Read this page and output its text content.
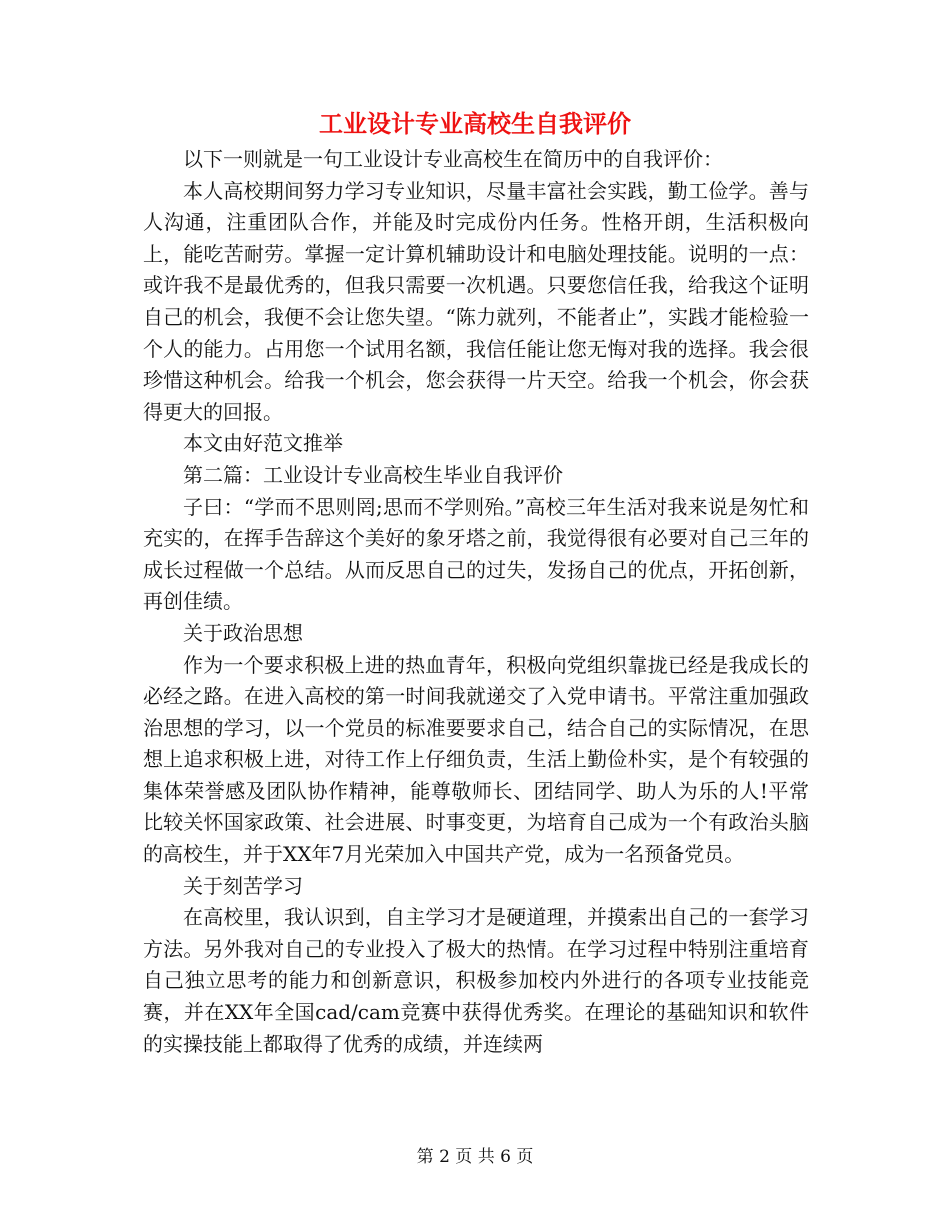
工业设计专业高校生自我评价

以下一则就是一句工业设计专业高校生在简历中的自我评价：

本人高校期间努力学习专业知识，尽量丰富社会实践，勤工俭学。善与人沟通，注重团队合作，并能及时完成份内任务。性格开朗，生活积极向上，能吃苦耐劳。掌握一定计算机辅助设计和电脑处理技能。说明的一点：或许我不是最优秀的，但我只需要一次机遇。只要您信任我，给我这个证明自己的机会，我便不会让您失望。“陈力就列，不能者止”，实践才能检验一个人的能力。占用您一个试用名额，我信任能让您无悔对我的选择。我会很珍惜这种机会。给我一个机会，您会获得一片天空。给我一个机会，你会获得更大的回报。

本文由好范文推举

第二篇：工业设计专业高校生毕业自我评价

子曰：“学而不思则罔;思而不学则殆。”高校三年生活对我来说是匆忙和充实的，在挥手告辞这个美好的象牙塔之前，我觉得很有必要对自己三年的成长过程做一个总结。从而反思自己的过失，发扬自己的优点，开拓创新，再创佳绩。

关于政治思想

作为一个要求积极上进的热血青年，积极向党组织靠拢已经是我成长的必经之路。在进入高校的第一时间我就递交了入党申请书。平常注重加强政治思想的学习，以一个党员的标准要要求自己，结合自己的实际情况，在思想上追求积极上进，对待工作上仔细负责，生活上勤俭朴实，是个有较强的集体荣誉感及团队协作精神，能尊敬师长、团结同学、助人为乐的人!平常比较关怀国家政策、社会进展、时事变更，为培育自己成为一个有政治头脑的高校生，并于XX年7月光荣加入中国共产党，成为一名预备党员。

关于刻苦学习

在高校里，我认识到，自主学习才是硬道理，并摸索出自己的一套学习方法。另外我对自己的专业投入了极大的热情。在学习过程中特别注重培育自己独立思考的能力和创新意识，积极参加校内外进行的各项专业技能竞赛，并在XX年全国cad/cam竞赛中获得优秀奖。在理论的基础知识和软件的实操技能上都取得了优秀的成绩，并连续两

第 2 页 共 6 页
